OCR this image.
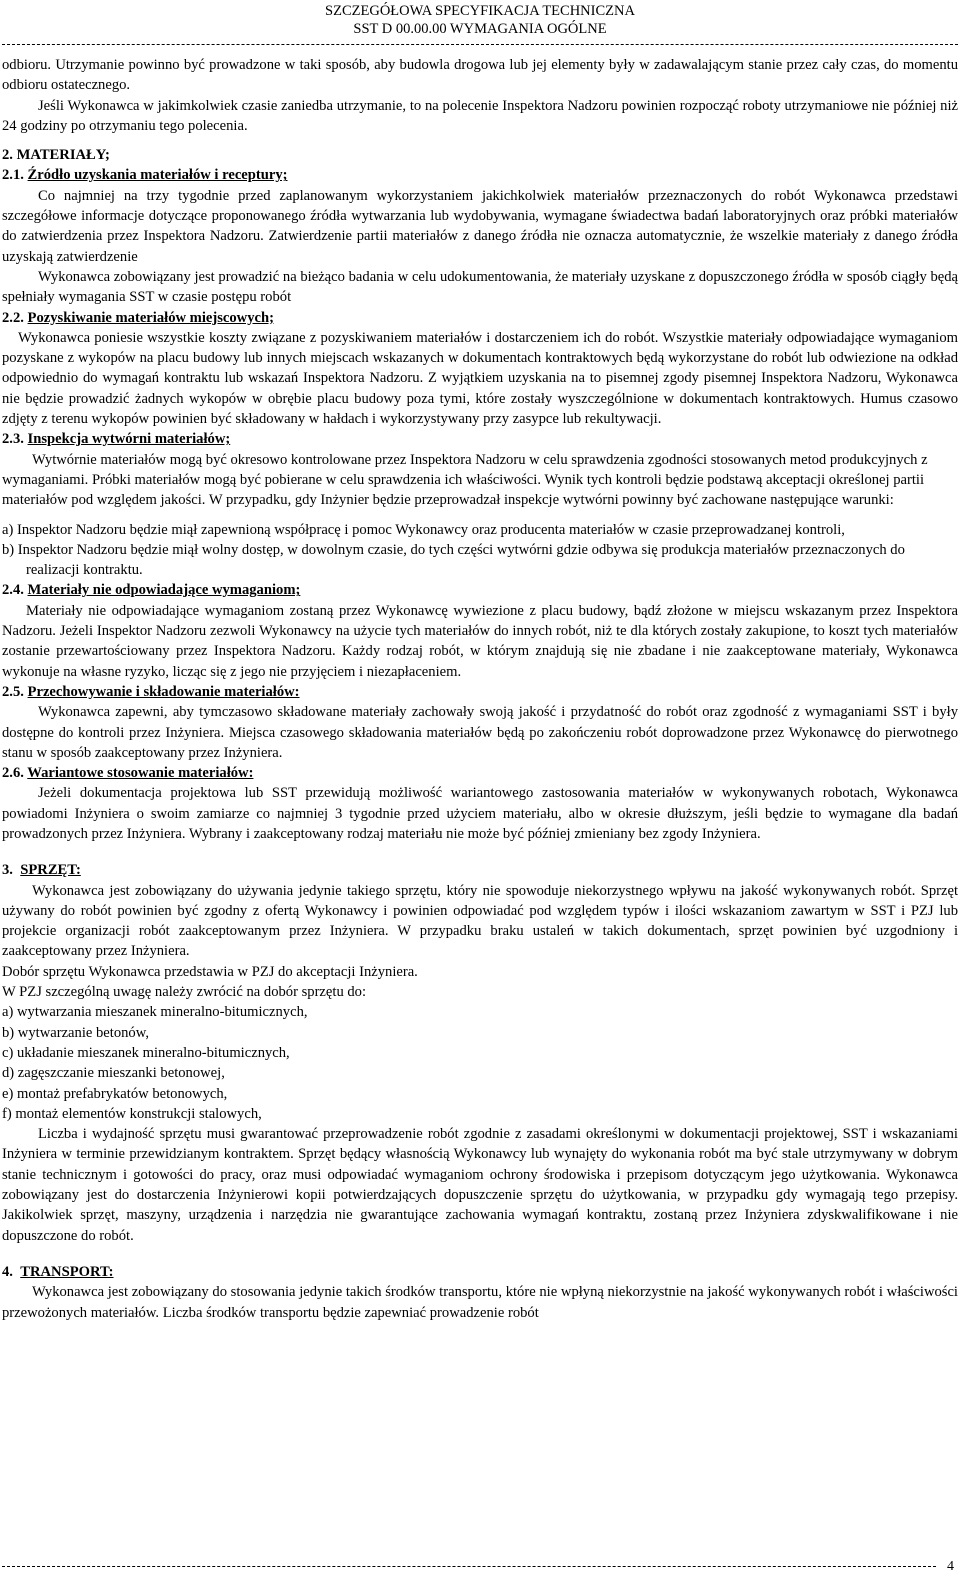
SZCZEGÓŁOWA SPECYFIKACJA TECHNICZNA
SST D 00.00.00 WYMAGANIA OGÓLNE

odbioru. Utrzymanie powinno być prowadzone w taki sposób, aby budowla drogowa lub jej elementy były w zadawalającym stanie przez cały czas, do momentu odbioru ostatecznego.

Jeśli Wykonawca w jakimkolwiek czasie zaniedba utrzymanie, to na polecenie Inspektora Nadzoru powinien rozpocząć roboty utrzymaniowe nie później niż 24 godziny po otrzymaniu tego polecenia.

2. MATERIAŁY;

2.1. Źródło uzyskania materiałów i receptury;

Co najmniej na trzy tygodnie przed zaplanowanym wykorzystaniem jakichkolwiek materiałów przeznaczonych do robót Wykonawca przedstawi szczegółowe informacje dotyczące proponowanego źródła wytwarzania lub wydobywania, wymagane świadectwa badań laboratoryjnych oraz próbki materiałów do zatwierdzenia przez Inspektora Nadzoru. Zatwierdzenie partii materiałów z danego źródła nie oznacza automatycznie, że wszelkie materiały z danego źródła uzyskają zatwierdzenie

Wykonawca zobowiązany jest prowadzić na bieżąco badania w celu udokumentowania, że materiały uzyskane z dopuszczonego źródła w sposób ciągły będą spełniały wymagania SST w czasie postępu robót

2.2. Pozyskiwanie materiałów miejscowych;

Wykonawca poniesie wszystkie koszty związane z pozyskiwaniem materiałów i dostarczeniem ich do robót. Wszystkie materiały odpowiadające wymaganiom pozyskane z wykopów na placu budowy lub innych miejscach wskazanych w dokumentach kontraktowych będą wykorzystane do robót lub odwiezione na odkład odpowiednio do wymagań kontraktu lub wskazań Inspektora Nadzoru. Z wyjątkiem uzyskania na to pisemnej zgody pisemnej Inspektora Nadzoru, Wykonawca nie będzie prowadzić żadnych wykopów w obrębie placu budowy poza tymi, które zostały wyszczególnione w dokumentach kontraktowych. Humus czasowo zdjęty z terenu wykopów powinien być składowany w hałdach i wykorzystywany przy zasypce lub rekultywacji.

2.3. Inspekcja wytwórni materiałów;

Wytwórnie materiałów mogą być okresowo kontrolowane przez Inspektora Nadzoru w celu sprawdzenia zgodności stosowanych metod produkcyjnych z wymaganiami. Próbki materiałów mogą być pobierane w celu sprawdzenia ich właściwości. Wynik tych kontroli będzie podstawą akceptacji określonej partii materiałów pod względem jakości. W przypadku, gdy Inżynier będzie przeprowadzał inspekcje wytwórni powinny być zachowane następujące warunki:

a) Inspektor Nadzoru będzie miął zapewnioną współpracę i pomoc Wykonawcy oraz producenta materiałów w czasie przeprowadzanej kontroli,

b) Inspektor Nadzoru będzie miął wolny dostęp, w dowolnym czasie, do tych części wytwórni gdzie odbywa się produkcja materiałów przeznaczonych do realizacji kontraktu.

2.4. Materiały nie odpowiadające wymaganiom;

Materiały nie odpowiadające wymaganiom zostaną przez Wykonawcę wywiezione z placu budowy, bądź złożone w miejscu wskazanym przez Inspektora Nadzoru. Jeżeli Inspektor Nadzoru zezwoli Wykonawcy na użycie tych materiałów do innych robót, niż te dla których zostały zakupione, to koszt tych materiałów zostanie przewartościowany przez Inspektora Nadzoru. Każdy rodzaj robót, w którym znajdują się nie zbadane i nie zaakceptowane materiały, Wykonawca wykonuje na własne ryzyko, licząc się z jego nie przyjęciem i niezapłaceniem.

2.5. Przechowywanie i składowanie materiałów:

Wykonawca zapewni, aby tymczasowo składowane materiały zachowały swoją jakość i przydatność do robót oraz zgodność z wymaganiami SST i były dostępne do kontroli przez Inżyniera. Miejsca czasowego składowania materiałów będą po zakończeniu robót doprowadzone przez Wykonawcę do pierwotnego stanu w sposób zaakceptowany przez Inżyniera.

2.6. Wariantowe stosowanie materiałów:

Jeżeli dokumentacja projektowa lub SST przewidują możliwość wariantowego zastosowania materiałów w wykonywanych robotach, Wykonawca powiadomi Inżyniera o swoim zamiarze co najmniej 3 tygodnie przed użyciem materiału, albo w okresie dłuższym, jeśli będzie to wymagane dla badań prowadzonych przez Inżyniera. Wybrany i zaakceptowany rodzaj materiału nie może być później zmieniany bez zgody Inżyniera.

3. SPRZĘT:

Wykonawca jest zobowiązany do używania jedynie takiego sprzętu, który nie spowoduje niekorzystnego wpływu na jakość wykonywanych robót. Sprzęt używany do robót powinien być zgodny z ofertą Wykonawcy i powinien odpowiadać pod względem typów i ilości wskazaniom zawartym w SST i PZJ lub projekcie organizacji robót zaakceptowanym przez Inżyniera. W przypadku braku ustaleń w takich dokumentach, sprzęt powinien być uzgodniony i zaakceptowany przez Inżyniera.

Dobór sprzętu Wykonawca przedstawia w PZJ do akceptacji Inżyniera.

W PZJ szczególną uwagę należy zwrócić na dobór sprzętu do:

a) wytwarzania mieszanek mineralno-bitumicznych,

b) wytwarzanie betonów,

c) układanie mieszanek mineralno-bitumicznych,

d) zagęszczanie mieszanki betonowej,

e) montaż prefabrykatów betonowych,

f) montaż elementów konstrukcji stalowych,

Liczba i wydajność sprzętu musi gwarantować przeprowadzenie robót zgodnie z zasadami określonymi w dokumentacji projektowej, SST i wskazaniami Inżyniera w terminie przewidzianym kontraktem. Sprzęt będący własnością Wykonawcy lub wynajęty do wykonania robót ma być stale utrzymywany w dobrym stanie technicznym i gotowości do pracy, oraz musi odpowiadać wymaganiom ochrony środowiska i przepisom dotyczącym jego użytkowania. Wykonawca zobowiązany jest do dostarczenia Inżynierowi kopii potwierdzających dopuszczenie sprzętu do użytkowania, w przypadku gdy wymagają tego przepisy. Jakikolwiek sprzęt, maszyny, urządzenia i narzędzia nie gwarantujące zachowania wymagań kontraktu, zostaną przez Inżyniera zdyskwalifikowane i nie dopuszczone do robót.

4. TRANSPORT:

Wykonawca jest zobowiązany do stosowania jedynie takich środków transportu, które nie wpłyną niekorzystnie na jakość wykonywanych robót i właściwości przewożonych materiałów. Liczba środków transportu będzie zapewniać prowadzenie robót

4
